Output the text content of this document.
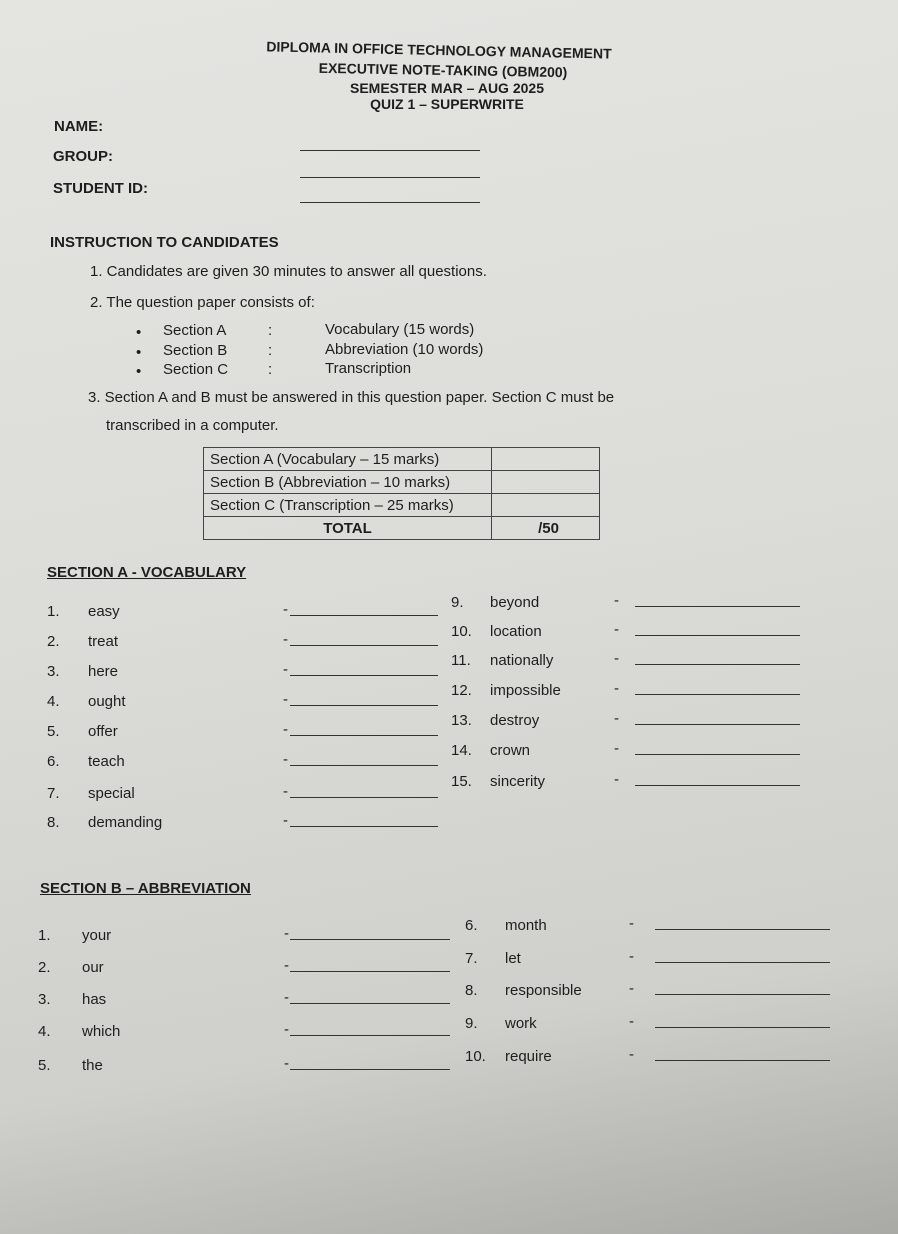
DIPLOMA IN OFFICE TECHNOLOGY MANAGEMENT
EXECUTIVE NOTE-TAKING (OBM200)
SEMESTER MAR – AUG 2025
QUIZ 1 – SUPERWRITE
NAME:
GROUP:
STUDENT ID:
INSTRUCTION TO CANDIDATES
1. Candidates are given 30 minutes to answer all questions.
2. The question paper consists of:
• Section A	:	Vocabulary (15 words)
• Section B	:	Abbreviation (10 words)
• Section C	:	Transcription
3. Section A and B must be answered in this question paper. Section C must be
transcribed in a computer.
Section A (Vocabulary – 15 marks)	
Section B (Abbreviation – 10 marks)	
Section C (Transcription – 25 marks)	
TOTAL	/50
SECTION A - VOCABULARY
SECTION B – ABBREVIATION
1. easy	-
2. treat	-
3. here	-
4. ought	-
5. offer	-
6. teach	-
7. special	-
8. demanding	-
9. beyond	-
10. location	-
11. nationally	-
12. impossible	-
13. destroy	-
14. crown	-
15. sincerity	-
1. your	-
2. our	-
3. has	-
4. which	-
5. the	-
6. month	-
7. let	-
8. responsible	-
9. work	-
10. require	-
